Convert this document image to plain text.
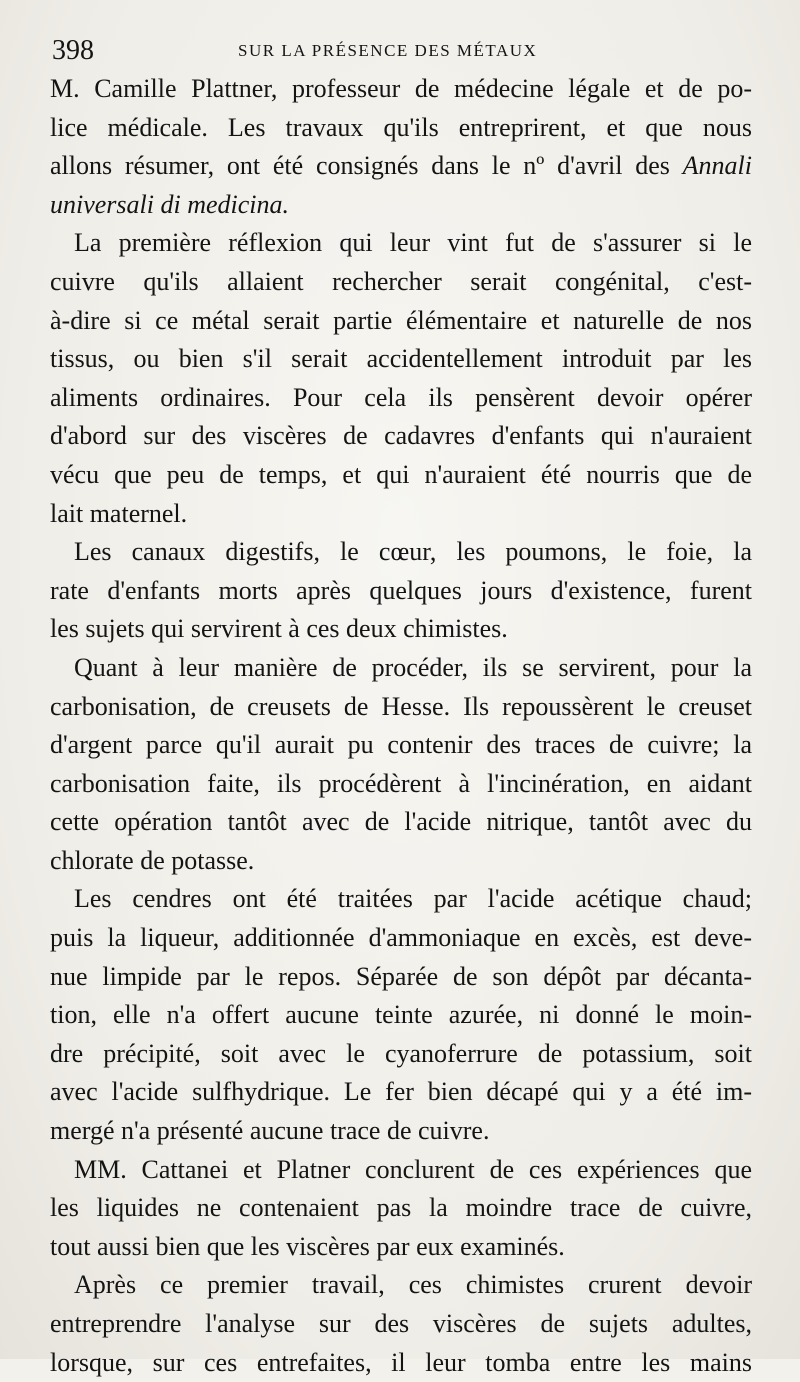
398	SUR LA PRÉSENCE DES MÉTAUX
M. Camille Plattner, professeur de médecine légale et de po-
lice médicale. Les travaux qu'ils entreprirent, et que nous
allons résumer, ont été consignés dans le nº d'avril des Annali
universali di medicina.
La première réflexion qui leur vint fut de s'assurer si le
cuivre qu'ils allaient rechercher serait congénital, c'est-
à-dire si ce métal serait partie élémentaire et naturelle de nos
tissus, ou bien s'il serait accidentellement introduit par les
aliments ordinaires. Pour cela ils pensèrent devoir opérer
d'abord sur des viscères de cadavres d'enfants qui n'auraient
vécu que peu de temps, et qui n'auraient été nourris que de
lait maternel.
Les canaux digestifs, le cœur, les poumons, le foie, la
rate d'enfants morts après quelques jours d'existence, furent
les sujets qui servirent à ces deux chimistes.
Quant à leur manière de procéder, ils se servirent, pour la
carbonisation, de creusets de Hesse. Ils repoussèrent le creuset
d'argent parce qu'il aurait pu contenir des traces de cuivre; la
carbonisation faite, ils procédèrent à l'incinération, en aidant
cette opération tantôt avec de l'acide nitrique, tantôt avec du
chlorate de potasse.
Les cendres ont été traitées par l'acide acétique chaud;
puis la liqueur, additionnée d'ammoniaque en excès, est deve-
nue limpide par le repos. Séparée de son dépôt par décanta-
tion, elle n'a offert aucune teinte azurée, ni donné le moin-
dre précipité, soit avec le cyanoferrure de potassium, soit
avec l'acide sulfhydrique. Le fer bien décapé qui y a été im-
mergé n'a présenté aucune trace de cuivre.
MM. Cattanei et Platner conclurent de ces expériences que
les liquides ne contenaient pas la moindre trace de cuivre,
tout aussi bien que les viscères par eux examinés.
Après ce premier travail, ces chimistes crurent devoir
entreprendre l'analyse sur des viscères de sujets adultes,
lorsque, sur ces entrefaites, il leur tomba entre les mains
